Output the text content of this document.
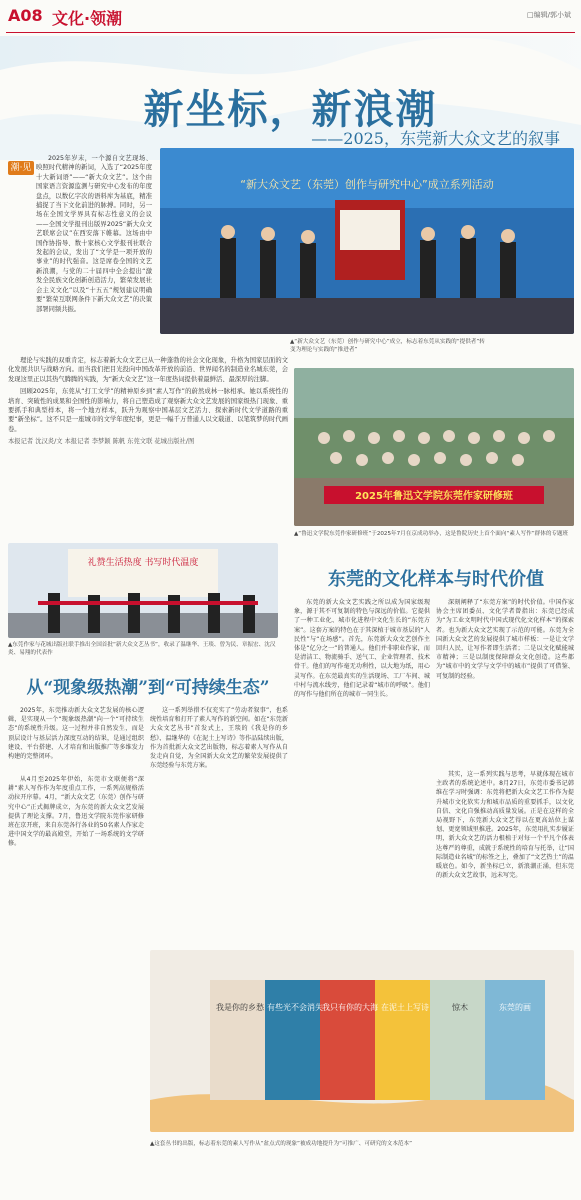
A08 文化·领潮	□编辑/郭小斌
新坐标，新浪潮
——2025，东莞新大众文艺的叙事
潮·见

2025年岁末，一个源自文艺现场、映照时代精神的新词，入选了“2025年度十大新词语”——“新大众文艺”。这个由国家语言资源监测与研究中心发布的年度盘点，以数亿字次的语料库为基底，精准捕捉了当下文化前进的脉搏。同时，另一场在全国文学界具有标志性意义的会议——全国文学报刊出版界2025“新大众文艺联席会议”在西安落下帷幕。这场由中国作协指导、数十家核心文学报刊社联合发起的会议，发出了“文学是一项开放的事业”的时代强音。这是席卷全国的文艺新浪潮，与党的二十届四中全会提出“激发全民族文化创新创造活力，繁荣发展社会主义文化”以及“十五五”规划建议明确要“繁荣互联网条件下新大众文艺”的决策部署同频共振。

理论与实践的双重肯定，标志着新大众文艺已从一种蓬勃的社会文化现象，升格为国家层面的文化发展共识与战略方向。而当我们把目光投向中国改革开放的前沿、世界闻名的制造业名城东莞，会发现这里正以其热气腾腾的实践，为“新大众文艺”这一年度热词提供着最鲜活、最深厚的注脚。

回顾2025年，东莞从“打工文学”的精神原乡到“素人写作”的蔚然成林一脉相承。她以系统性的培育、突破性的成果和全国性的影响力，将自己塑造成了观察新大众文艺发展的国家级热门现象、重要抓手和典型样本，将一个地方样本，跃升为观察中国基层文艺活力、探索新时代文学道路的重要“新坐标”。这不只是一座城市的文学年度纪事，更是一幅千万普通人以文载道、以笔筑梦的时代画卷。

本报记者 沈汉炎/文 本报记者 李梦颖 陈帆 东莞文联 花城出版社/图

“新大众文艺（东莞）创作与研究中心”成立系列活动

▲“新大众文艺（东莞）创作与研究中心”成立，标志着东莞从实践的“提供者”转变为理论与实践的“推进者”

2025年鲁迅文学院东莞作家研修班

▲“鲁迅文学院东莞作家研修班”于2025年7月在京成功举办，这是鲁院历史上首个面向“素人写作”群体的专题班

礼赞生活热度 书写时代温度

▲东莞作家与花城出版社联手推出全国首批“新大众文艺丛书”，收录了温继华、王琰、曾为民、章振宏、沈汉炎、易翔的代表作

东莞的文化样本与时代价值
从“现象级热潮”到“可持续生态”

东莞的新大众文艺实践之所以成为国家级现象，源于其不可复制的特色与深远的价值。它提供了一种工业化、城市化进程中文化生长的“东莞方案”。这套方案的特色在于其深植于城市基层的“人民性”与“在场感”。首先，东莞新大众文艺创作主体是“亿分之一”的普通人。他们并非职业作家，而是清洁工、物流骑手、送气工、企业管理者、技术骨干。他们的写作毫无功利性，以大地为纸，用心灵写作。在东莞最真实的生活现场、工厂车间、城中村与流水线旁，他们记录着“城市的呼吸”。他们的写作与他们所在的城市一同生长。

深刻阐释了“东莞方案”的时代价值。中国作家协会主席团委员、文化学者曾指出：东莞已经成为“为工业文明时代中国式现代化文化样本”的探索者。也为新大众文艺实现了示范的可能。东莞为全国新大众文艺的发展提供了城市样板：一是让文学回归人民，让写作者即生活者；二是以文化赋能城市精神；三是以制度保障群众文化创造。这些都为“城市中的文学与文学中的城市”提供了可借鉴、可复制的经验。

其实，这一系列实践与思考，早就体现在城市主政者的系统论述中。8月27日，东莞市委书记韩维在学习时强调：东莞将把新大众文艺工作作为提升城市文化软实力和城市品质的重要抓手，以文化自信、文化自强推动高质量发展。正是在这样的全局视野下，东莞新大众文艺得以在更高站位上谋划、更宽领域里推进。2025年，东莞用扎实步履证明，新大众文艺的活力根植于对每一个平凡个体表达尊严的尊重，成就于系统性的培育与托举，让“国际制造业名城”的标签之上，叠加了“文艺热土”的温暖底色。如今，新坐标已立，新浪潮正涌，但东莞的新大众文艺故事，远未写完。

2025年，东莞推动新大众文艺发展的核心逻辑，是实现从一个“现象级热潮”向一个“可持续生态”的系统性升级。这一过程并非自然发生，而是顶层设计与基层活力深度互动的结果，是通过组织建设、平台搭建、人才培育和出版推广等多维发力构建的完整闭环。

从4月至2025年伊始，东莞市文联便将“深耕”素人写作作为年度重点工作，一系列高规格活动拉开序幕。4月，“新大众文艺（东莞）创作与研究中心”正式揭牌成立，为东莞的新大众文艺发展提供了理论支撑。7月，鲁迅文学院东莞作家研修班在京开班，来自东莞各行各业的50名素人作家走进中国文学的最高殿堂，开始了一场系统的文学研修。

这一系列举措不仅充实了“劳动者叙事”，也系统性培育和打开了素人写作的新空间。如在“东莞新大众文艺丛书”首发式上，王琰的《我是你的乡愁》、温继华的《在泥土上写诗》等作品陆续出版，作为首批新大众文艺出版物，标志着素人写作从自发走向自觉，为全国新大众文艺的繁荣发展提供了东莞经验与东莞方案。

我是你的乡愁 有些光不会消失 我只有你的大海 在泥土上写诗	惊木	东莞的画

▲这套丛书的出版，标志着东莞的素人写作从“盆点式的现象”被成功地提升为“可推广、可研究的文本范本”
